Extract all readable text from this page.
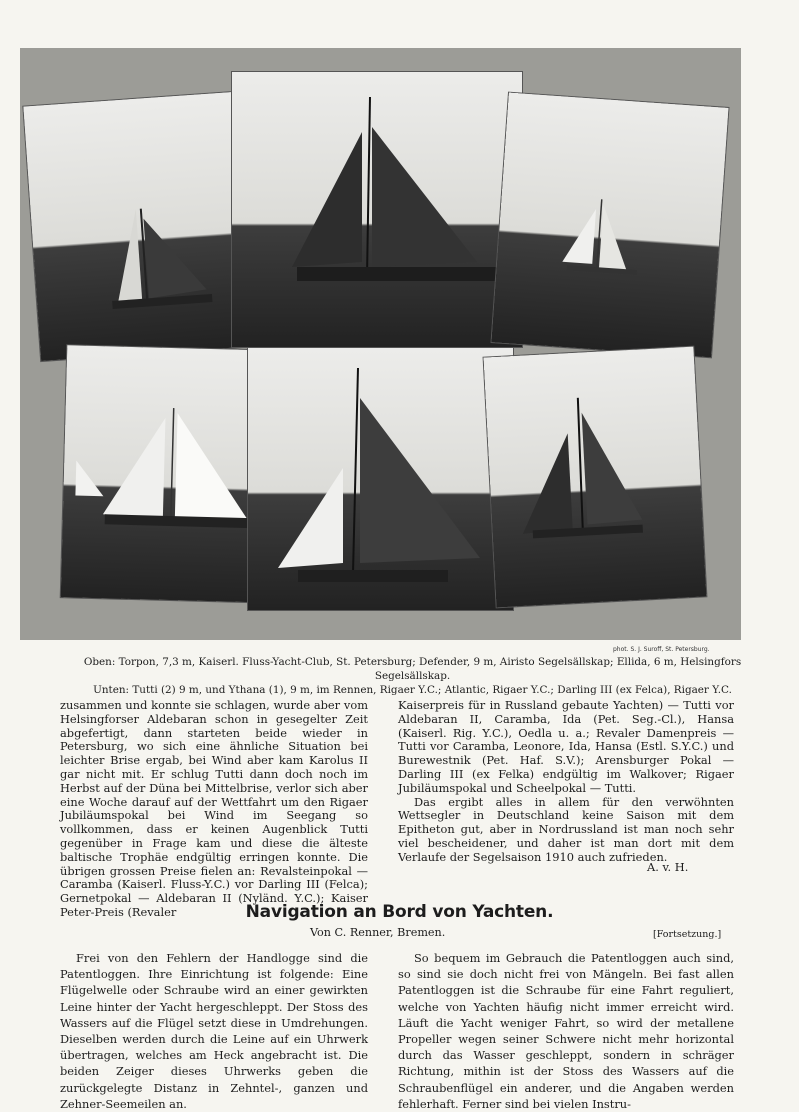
phot. S. J. Suroff, St. Petersburg.
Oben: Torpon, 7,3 m, Kaiserl. Fluss-Yacht-Club, St. Petersburg; Defender, 9 m, Airisto Segelsällskap; Ellida, 6 m, Helsingfors Segelsällskap.
Unten: Tutti (2) 9 m, und Ythana (1), 9 m, im Rennen, Rigaer Y.C.; Atlantic, Rigaer Y.C.; Darling III (ex Felca), Rigaer Y.C.

zusammen und konnte sie schlagen, wurde aber vom Helsingforser Aldebaran schon in gesegelter Zeit abgefertigt, dann starteten beide wieder in Petersburg, wo sich eine ähnliche Situation bei leichter Brise ergab, bei Wind aber kam Karolus II gar nicht mit. Er schlug Tutti dann doch noch im Herbst auf der Düna bei Mittelbrise, verlor sich aber eine Woche darauf auf der Wettfahrt um den Rigaer Jubiläumspokal bei Wind im Seegang so vollkommen, dass er keinen Augenblick Tutti gegenüber in Frage kam und diese die älteste baltische Trophäe endgültig erringen konnte. Die übrigen grossen Preise fielen an: Revalsteinpokal — Caramba (Kaiserl. Fluss-Y.C.) vor Darling III (Felca); Gernetpokal — Aldebaran II (Nyländ. Y.C.); Kaiser Peter-Preis (Revaler

Kaiserpreis für in Russland gebaute Yachten) — Tutti vor Aldebaran II, Caramba, Ida (Pet. Seg.-Cl.), Hansa (Kaiserl. Rig. Y.C.), Oedla u. a.; Revaler Damenpreis — Tutti vor Caramba, Leonore, Ida, Hansa (Estl. S.Y.C.) und Burewestnik (Pet. Haf. S.V.); Arensburger Pokal — Darling III (ex Felka) endgültig im Walkover; Rigaer Jubiläumspokal und Scheelpokal — Tutti.

Das ergibt alles in allem für den verwöhnten Wettsegler in Deutschland keine Saison mit dem Epitheton gut, aber in Nordrussland ist man noch sehr viel bescheidener, und daher ist man dort mit dem Verlaufe der Segelsaison 1910 auch zufrieden.

A. v. H.
Navigation an Bord von Yachten.
Von C. Renner, Bremen.	[Fortsetzung.]

Frei von den Fehlern der Handlogge sind die Patentloggen. Ihre Einrichtung ist folgende: Eine Flügelwelle oder Schraube wird an einer gewirkten Leine hinter der Yacht hergeschleppt. Der Stoss des Wassers auf die Flügel setzt diese in Umdrehungen. Dieselben werden durch die Leine auf ein Uhrwerk übertragen, welches am Heck angebracht ist. Die beiden Zeiger dieses Uhrwerks geben die zurückgelegte Distanz in Zehntel-, ganzen und Zehner-Seemeilen an.

So bequem im Gebrauch die Patentloggen auch sind, so sind sie doch nicht frei von Mängeln. Bei fast allen Patentloggen ist die Schraube für eine Fahrt reguliert, welche von Yachten häufig nicht immer erreicht wird. Läuft die Yacht weniger Fahrt, so wird der metallene Propeller wegen seiner Schwere nicht mehr horizontal durch das Wasser geschleppt, sondern in schräger Richtung, mithin ist der Stoss des Wassers auf die Schraubenflügel ein anderer, und die Angaben werden fehlerhaft. Ferner sind bei vielen Instru-
